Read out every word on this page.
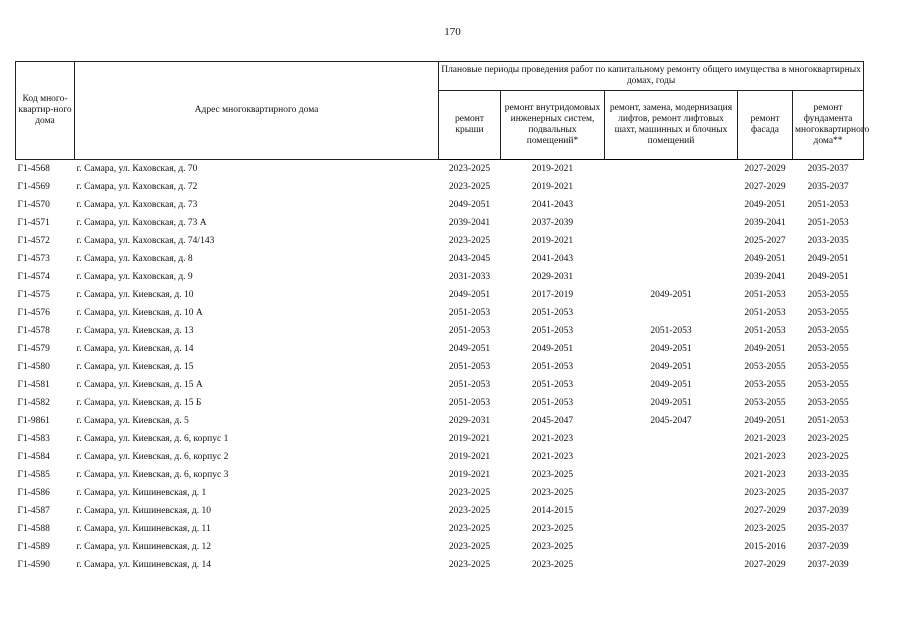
170
Код много-квартир-ного дома	Адрес многоквартирного дома	Плановые периоды проведения работ по капитальному ремонту общего имущества в многоквартирных домах, годы				
		ремонт крыши	ремонт внутридомовых инженерных систем, подвальных помещений*	ремонт, замена, модернизация лифтов, ремонт лифтовых шахт, машинных и блочных помещений	ремонт фасада	ремонт фундамента многоквартирного дома**
Г1-4568	г. Самара, ул. Каховская, д. 70	2023-2025	2019-2021		2027-2029	2035-2037
Г1-4569	г. Самара, ул. Каховская, д. 72	2023-2025	2019-2021		2027-2029	2035-2037
Г1-4570	г. Самара, ул. Каховская, д. 73	2049-2051	2041-2043		2049-2051	2051-2053
Г1-4571	г. Самара, ул. Каховская, д. 73 А	2039-2041	2037-2039		2039-2041	2051-2053
Г1-4572	г. Самара, ул. Каховская, д. 74/143	2023-2025	2019-2021		2025-2027	2033-2035
Г1-4573	г. Самара, ул. Каховская, д. 8	2043-2045	2041-2043		2049-2051	2049-2051
Г1-4574	г. Самара, ул. Каховская, д. 9	2031-2033	2029-2031		2039-2041	2049-2051
Г1-4575	г. Самара, ул. Киевская, д. 10	2049-2051	2017-2019	2049-2051	2051-2053	2053-2055
Г1-4576	г. Самара, ул. Киевская, д. 10 А	2051-2053	2051-2053		2051-2053	2053-2055
Г1-4578	г. Самара, ул. Киевская, д. 13	2051-2053	2051-2053	2051-2053	2051-2053	2053-2055
Г1-4579	г. Самара, ул. Киевская, д. 14	2049-2051	2049-2051	2049-2051	2049-2051	2053-2055
Г1-4580	г. Самара, ул. Киевская, д. 15	2051-2053	2051-2053	2049-2051	2053-2055	2053-2055
Г1-4581	г. Самара, ул. Киевская, д. 15 А	2051-2053	2051-2053	2049-2051	2053-2055	2053-2055
Г1-4582	г. Самара, ул. Киевская, д. 15 Б	2051-2053	2051-2053	2049-2051	2053-2055	2053-2055
Г1-9861	г. Самара, ул. Киевская, д. 5	2029-2031	2045-2047	2045-2047	2049-2051	2051-2053
Г1-4583	г. Самара, ул. Киевская, д. 6, корпус 1	2019-2021	2021-2023		2021-2023	2023-2025
Г1-4584	г. Самара, ул. Киевская, д. 6, корпус 2	2019-2021	2021-2023		2021-2023	2023-2025
Г1-4585	г. Самара, ул. Киевская, д. 6, корпус 3	2019-2021	2023-2025		2021-2023	2033-2035
Г1-4586	г. Самара, ул. Кишиневская, д. 1	2023-2025	2023-2025		2023-2025	2035-2037
Г1-4587	г. Самара, ул. Кишиневская, д. 10	2023-2025	2014-2015		2027-2029	2037-2039
Г1-4588	г. Самара, ул. Кишиневская, д. 11	2023-2025	2023-2025		2023-2025	2035-2037
Г1-4589	г. Самара, ул. Кишиневская, д. 12	2023-2025	2023-2025		2015-2016	2037-2039
Г1-4590	г. Самара, ул. Кишиневская, д. 14	2023-2025	2023-2025		2027-2029	2037-2039
